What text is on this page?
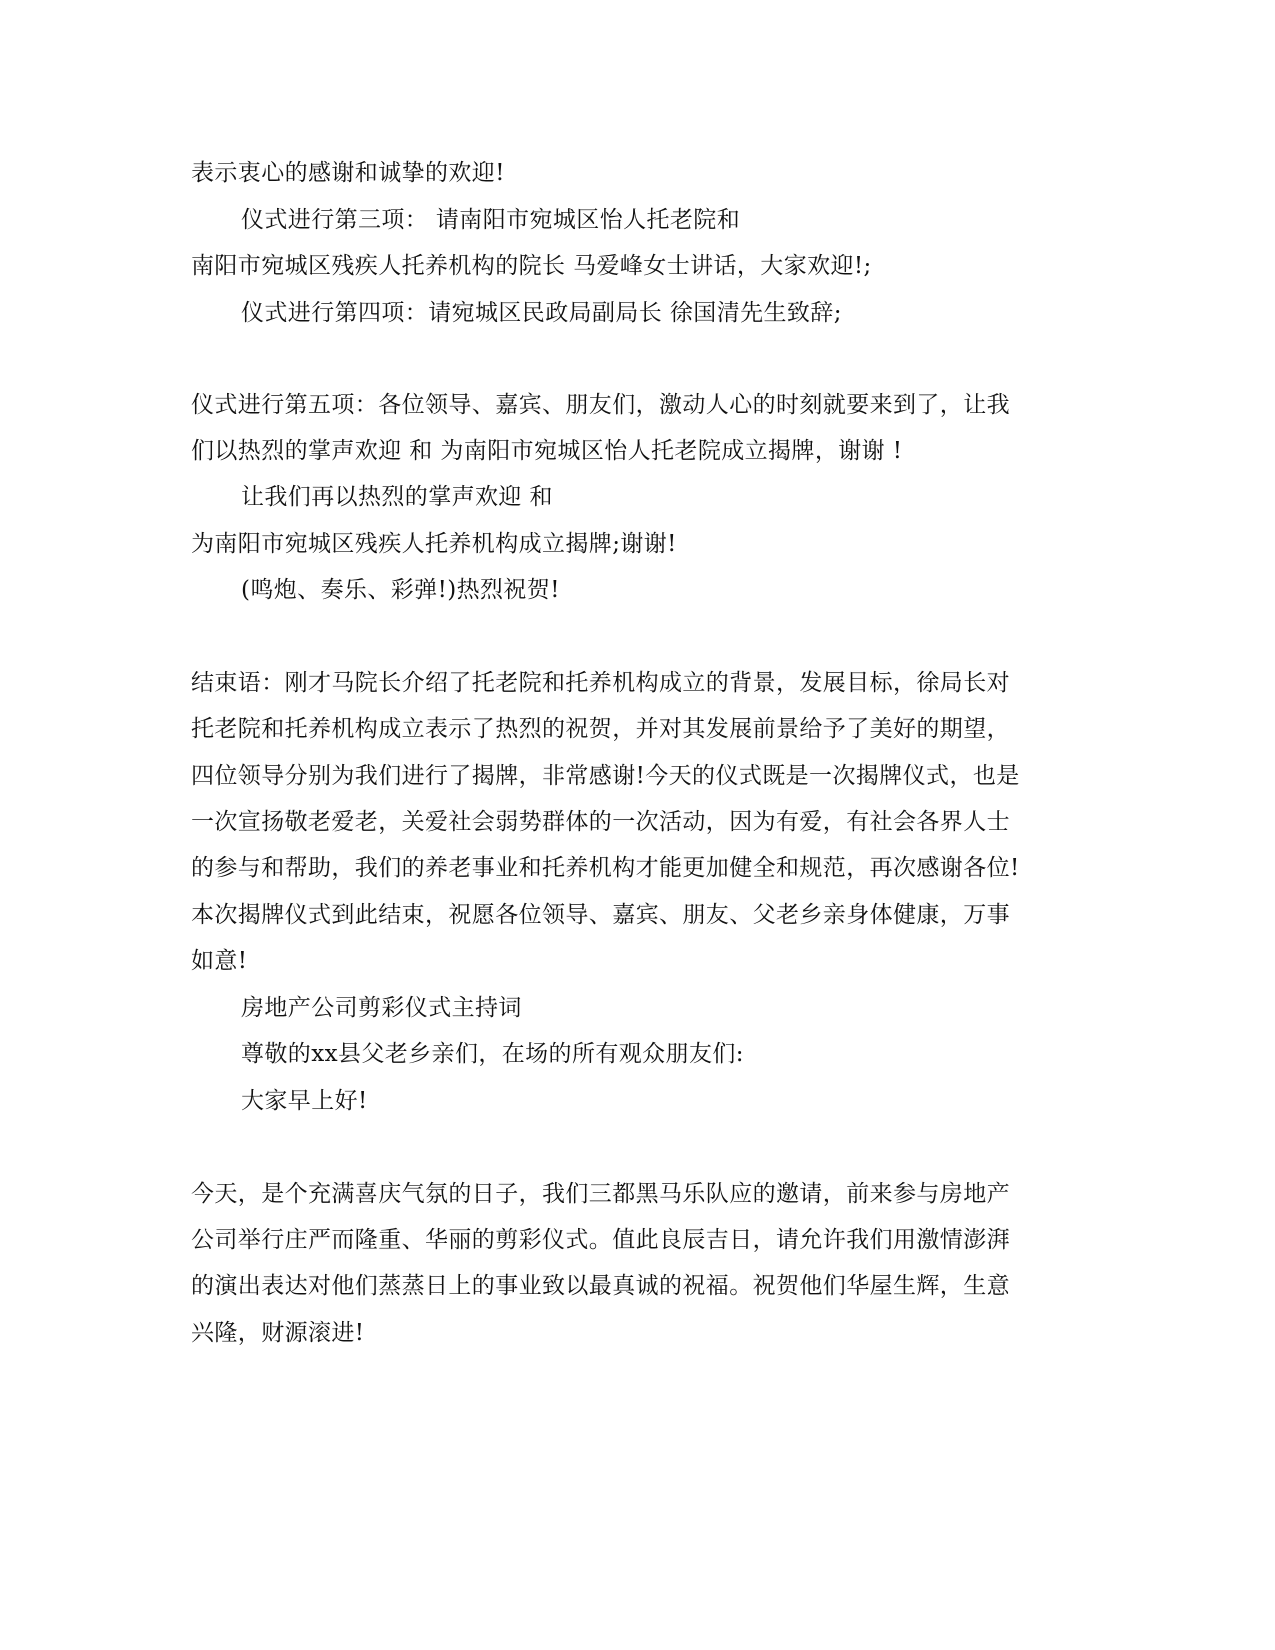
表示衷心的感谢和诚挚的欢迎!
仪式进行第三项： 请南阳市宛城区怡人托老院和
南阳市宛城区残疾人托养机构的院长 马爱峰女士讲话，大家欢迎!;
仪式进行第四项：请宛城区民政局副局长 徐国清先生致辞;
仪式进行第五项：各位领导、嘉宾、朋友们，激动人心的时刻就要来到了，让我
们以热烈的掌声欢迎 和 为南阳市宛城区怡人托老院成立揭牌，谢谢 !
让我们再以热烈的掌声欢迎 和
为南阳市宛城区残疾人托养机构成立揭牌;谢谢!
(鸣炮、奏乐、彩弹!)热烈祝贺!
结束语：刚才马院长介绍了托老院和托养机构成立的背景，发展目标，徐局长对
托老院和托养机构成立表示了热烈的祝贺，并对其发展前景给予了美好的期望，
四位领导分别为我们进行了揭牌，非常感谢!今天的仪式既是一次揭牌仪式，也是
一次宣扬敬老爱老，关爱社会弱势群体的一次活动，因为有爱，有社会各界人士
的参与和帮助，我们的养老事业和托养机构才能更加健全和规范，再次感谢各位!
本次揭牌仪式到此结束，祝愿各位领导、嘉宾、朋友、父老乡亲身体健康，万事
如意!
房地产公司剪彩仪式主持词
尊敬的xx县父老乡亲们，在场的所有观众朋友们:
大家早上好!
今天，是个充满喜庆气氛的日子，我们三都黑马乐队应的邀请，前来参与房地产
公司举行庄严而隆重、华丽的剪彩仪式。值此良辰吉日，请允许我们用激情澎湃
的演出表达对他们蒸蒸日上的事业致以最真诚的祝福。祝贺他们华屋生辉，生意
兴隆，财源滚进!
